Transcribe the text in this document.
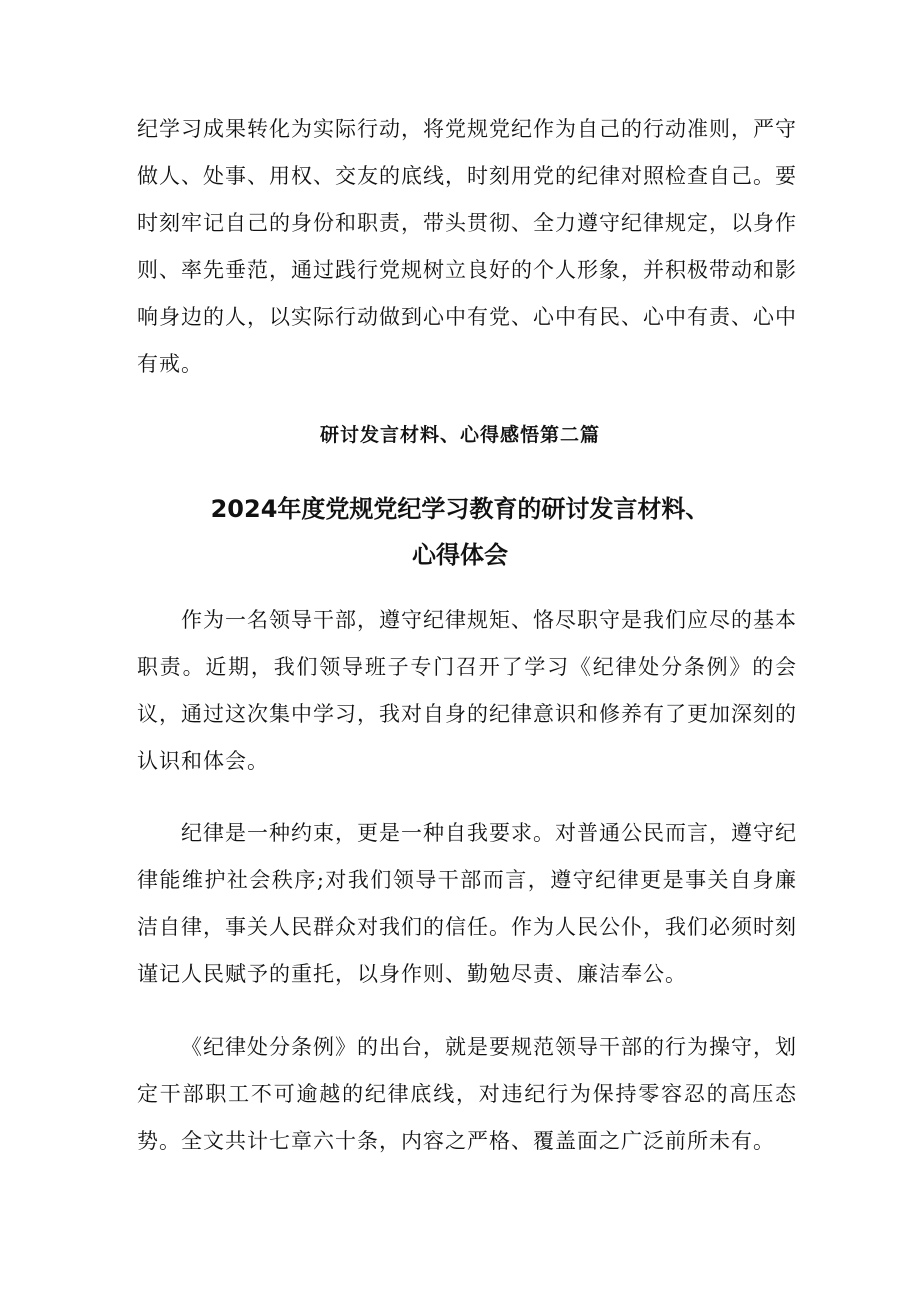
纪学习成果转化为实际行动，将党规党纪作为自己的行动准则，严守做人、处事、用权、交友的底线，时刻用党的纪律对照检查自己。要时刻牢记自己的身份和职责，带头贯彻、全力遵守纪律规定，以身作则、率先垂范，通过践行党规树立良好的个人形象，并积极带动和影响身边的人，以实际行动做到心中有党、心中有民、心中有责、心中有戒。

研讨发言材料、心得感悟第二篇

2024年度党规党纪学习教育的研讨发言材料、
心得体会

作为一名领导干部，遵守纪律规矩、恪尽职守是我们应尽的基本职责。近期，我们领导班子专门召开了学习《纪律处分条例》的会议，通过这次集中学习，我对自身的纪律意识和修养有了更加深刻的认识和体会。

纪律是一种约束，更是一种自我要求。对普通公民而言，遵守纪律能维护社会秩序;对我们领导干部而言，遵守纪律更是事关自身廉洁自律，事关人民群众对我们的信任。作为人民公仆，我们必须时刻谨记人民赋予的重托，以身作则、勤勉尽责、廉洁奉公。

《纪律处分条例》的出台，就是要规范领导干部的行为操守，划定干部职工不可逾越的纪律底线，对违纪行为保持零容忍的高压态势。全文共计七章六十条，内容之严格、覆盖面之广泛前所未有。
